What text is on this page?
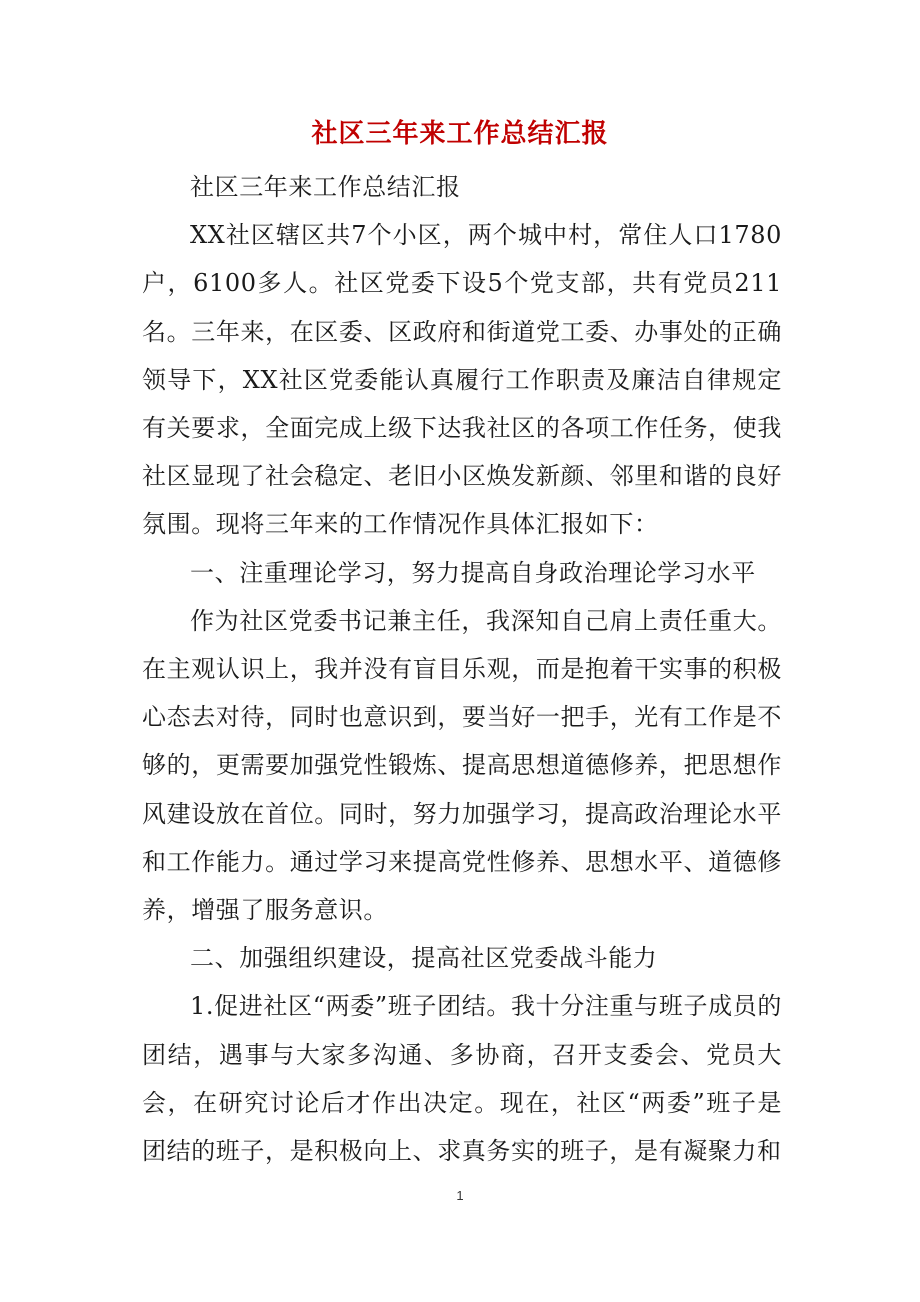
社区三年来工作总结汇报

社区三年来工作总结汇报

XX社区辖区共7个小区，两个城中村，常住人口1780户，6100多人。社区党委下设5个党支部，共有党员211名。三年来，在区委、区政府和街道党工委、办事处的正确领导下，XX社区党委能认真履行工作职责及廉洁自律规定有关要求，全面完成上级下达我社区的各项工作任务，使我社区显现了社会稳定、老旧小区焕发新颜、邻里和谐的良好氛围。现将三年来的工作情况作具体汇报如下：

一、注重理论学习，努力提高自身政治理论学习水平

作为社区党委书记兼主任，我深知自己肩上责任重大。在主观认识上，我并没有盲目乐观，而是抱着干实事的积极心态去对待，同时也意识到，要当好一把手，光有工作是不够的，更需要加强党性锻炼、提高思想道德修养，把思想作风建设放在首位。同时，努力加强学习，提高政治理论水平和工作能力。通过学习来提高党性修养、思想水平、道德修养，增强了服务意识。

二、加强组织建设，提高社区党委战斗能力

1.促进社区“两委”班子团结。我十分注重与班子成员的团结，遇事与大家多沟通、多协商，召开支委会、党员大会，在研究讨论后才作出决定。现在，社区“两委”班子是团结的班子，是积极向上、求真务实的班子，是有凝聚力和

1
